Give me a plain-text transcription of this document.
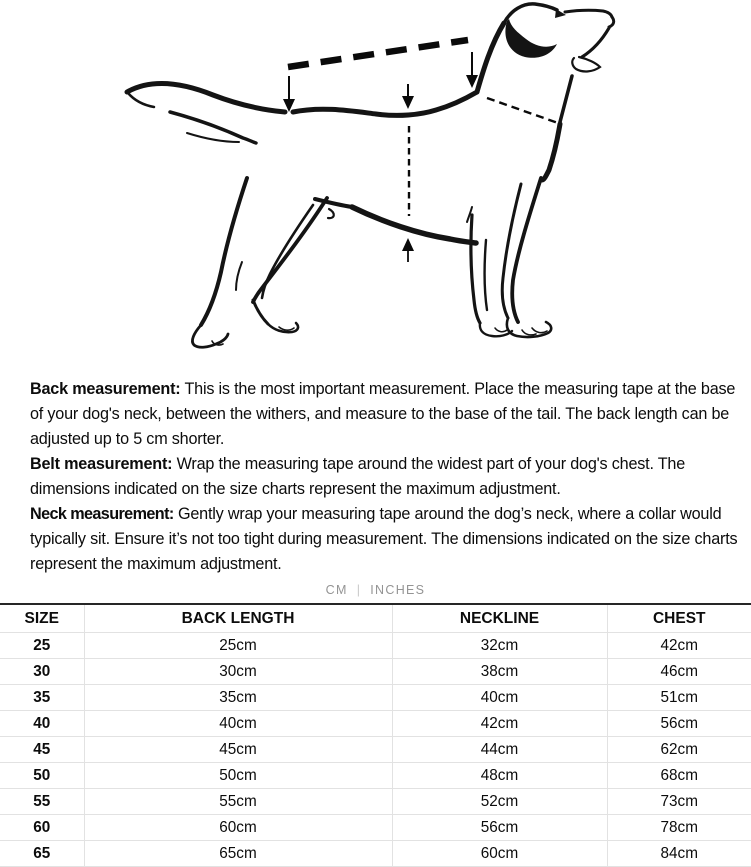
Back measurement: This is the most important measurement. Place the measuring tape at the base
of your dog's neck, between the withers, and measure to the base of the tail. The back length can be
adjusted up to 5 cm shorter.

Belt measurement: Wrap the measuring tape around the widest part of your dog's chest. The
dimensions indicated on the size charts represent the maximum adjustment.

Neck measurement: Gently wrap your measuring tape around the dog’s neck, where a collar would
typically sit. Ensure it’s not too tight during measurement. The dimensions indicated on the size charts
represent the maximum adjustment.

CM | INCHES
SIZE	BACK LENGTH	NECKLINE	CHEST
25	25cm	32cm	42cm
30	30cm	38cm	46cm
35	35cm	40cm	51cm
40	40cm	42cm	56cm
45	45cm	44cm	62cm
50	50cm	48cm	68cm
55	55cm	52cm	73cm
60	60cm	56cm	78cm
65	65cm	60cm	84cm
